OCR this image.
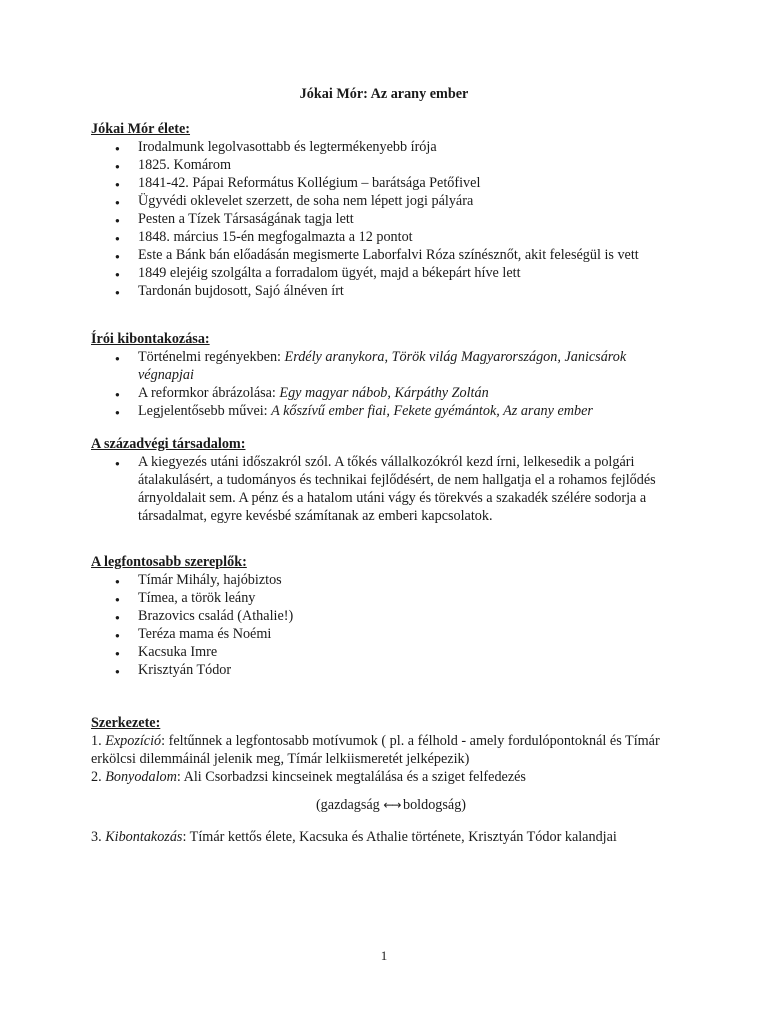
Jókai Mór: Az arany ember
Jókai Mór élete:
●
Irodalmunk legolvasottabb és legtermékenyebb írója
●
1825. Komárom
●
1841-42. Pápai Református Kollégium – barátsága Petőfivel
●
Ügyvédi oklevelet szerzett, de soha nem lépett jogi pályára
●
Pesten a Tízek Társaságának tagja lett
●
1848. március 15-én megfogalmazta a 12 pontot
●
Este a Bánk bán előadásán megismerte Laborfalvi Róza színésznőt, akit feleségül is vett
●
1849 elejéig szolgálta a forradalom ügyét, majd a békepárt híve lett
●
Tardonán bujdosott, Sajó álnéven írt
Írói kibontakozása:
●
Történelmi regényekben: Erdély aranykora, Török világ Magyarországon, Janicsárok végnapjai
●
A reformkor ábrázolása: Egy magyar nábob, Kárpáthy Zoltán
●
Legjelentősebb művei: A kőszívű ember fiai, Fekete gyémántok, Az arany ember
A századvégi társadalom:
●
A kiegyezés utáni időszakról szól. A tőkés vállalkozókról kezd írni, lelkesedik a polgári átalakulásért, a tudományos és technikai fejlődésért, de nem hallgatja el a rohamos fejlődés árnyoldalait sem. A pénz és a hatalom utáni vágy és törekvés a szakadék szélére sodorja a társadalmat, egyre kevésbé számítanak az emberi kapcsolatok.
A legfontosabb szereplők:
●
Tímár Mihály, hajóbiztos
●
Tímea, a török leány
●
Brazovics család (Athalie!)
●
Teréza mama és Noémi
●
Kacsuka Imre
●
Krisztyán Tódor
Szerkezete:

1. Expozíció: feltűnnek a legfontosabb motívumok ( pl. a félhold - amely fordulópontoknál és Tímár erkölcsi dilemmáinál jelenik meg, Tímár lelkiismeretét jelképezik)

2. Bonyodalom: Ali Csorbadzsi kincseinek megtalálása és a sziget felfedezés

(gazdagság ←→ boldogság)

3. Kibontakozás: Tímár kettős élete, Kacsuka és Athalie története, Krisztyán Tódor kalandjai

1
